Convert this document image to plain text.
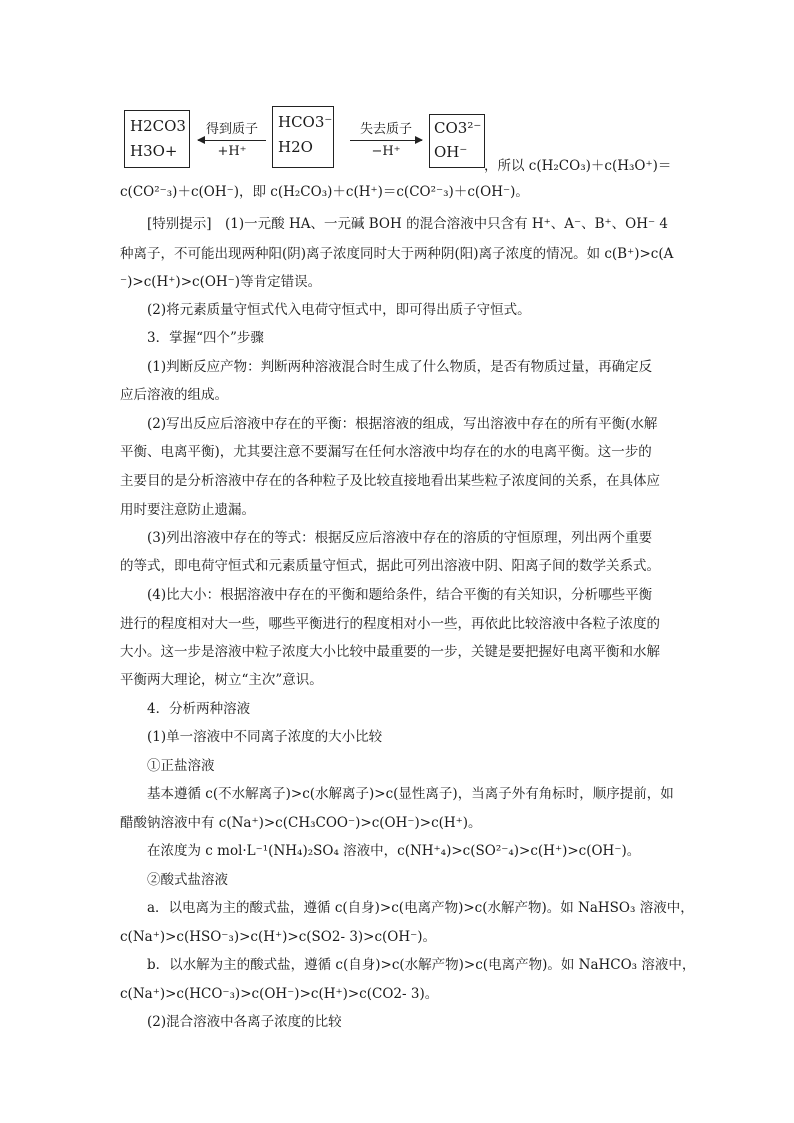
H2CO3
H3O+
得到质子
+H⁺
HCO3⁻
H2O
失去质子
−H⁺
CO3²⁻
OH⁻
，所以 c(H₂CO₃)＋c(H₃O⁺)＝
c(CO²⁻₃)＋c(OH⁻)，即 c(H₂CO₃)＋c(H⁺)＝c(CO²⁻₃)＋c(OH⁻)。
[特别提示]　(1)一元酸 HA、一元碱 BOH 的混合溶液中只含有 H⁺、A⁻、B⁺、OH⁻ 4
种离子，不可能出现两种阳(阴)离子浓度同时大于两种阴(阳)离子浓度的情况。如 c(B⁺)>c(A
⁻)>c(H⁺)>c(OH⁻)等肯定错误。
(2)将元素质量守恒式代入电荷守恒式中，即可得出质子守恒式。
3．掌握“四个”步骤
(1)判断反应产物：判断两种溶液混合时生成了什么物质，是否有物质过量，再确定反
应后溶液的组成。
(2)写出反应后溶液中存在的平衡：根据溶液的组成，写出溶液中存在的所有平衡(水解
平衡、电离平衡)，尤其要注意不要漏写在任何水溶液中均存在的水的电离平衡。这一步的
主要目的是分析溶液中存在的各种粒子及比较直接地看出某些粒子浓度间的关系，在具体应
用时要注意防止遗漏。
(3)列出溶液中存在的等式：根据反应后溶液中存在的溶质的守恒原理，列出两个重要
的等式，即电荷守恒式和元素质量守恒式，据此可列出溶液中阴、阳离子间的数学关系式。
(4)比大小：根据溶液中存在的平衡和题给条件，结合平衡的有关知识，分析哪些平衡
进行的程度相对大一些，哪些平衡进行的程度相对小一些，再依此比较溶液中各粒子浓度的
大小。这一步是溶液中粒子浓度大小比较中最重要的一步，关键是要把握好电离平衡和水解
平衡两大理论，树立“主次”意识。
4．分析两种溶液
(1)单一溶液中不同离子浓度的大小比较
①正盐溶液
基本遵循 c(不水解离子)>c(水解离子)>c(显性离子)，当离子外有角标时，顺序提前，如
醋酸钠溶液中有 c(Na⁺)>c(CH₃COO⁻)>c(OH⁻)>c(H⁺)。
在浓度为 c mol·L⁻¹(NH₄)₂SO₄ 溶液中，c(NH⁺₄)>c(SO²⁻₄)>c(H⁺)>c(OH⁻)。
②酸式盐溶液
a．以电离为主的酸式盐，遵循 c(自身)>c(电离产物)>c(水解产物)。如 NaHSO₃ 溶液中，
c(Na⁺)>c(HSO⁻₃)>c(H⁺)>c(SO2- 3)>c(OH⁻)。
b．以水解为主的酸式盐，遵循 c(自身)>c(水解产物)>c(电离产物)。如 NaHCO₃ 溶液中，
c(Na⁺)>c(HCO⁻₃)>c(OH⁻)>c(H⁺)>c(CO2- 3)。
(2)混合溶液中各离子浓度的比较
